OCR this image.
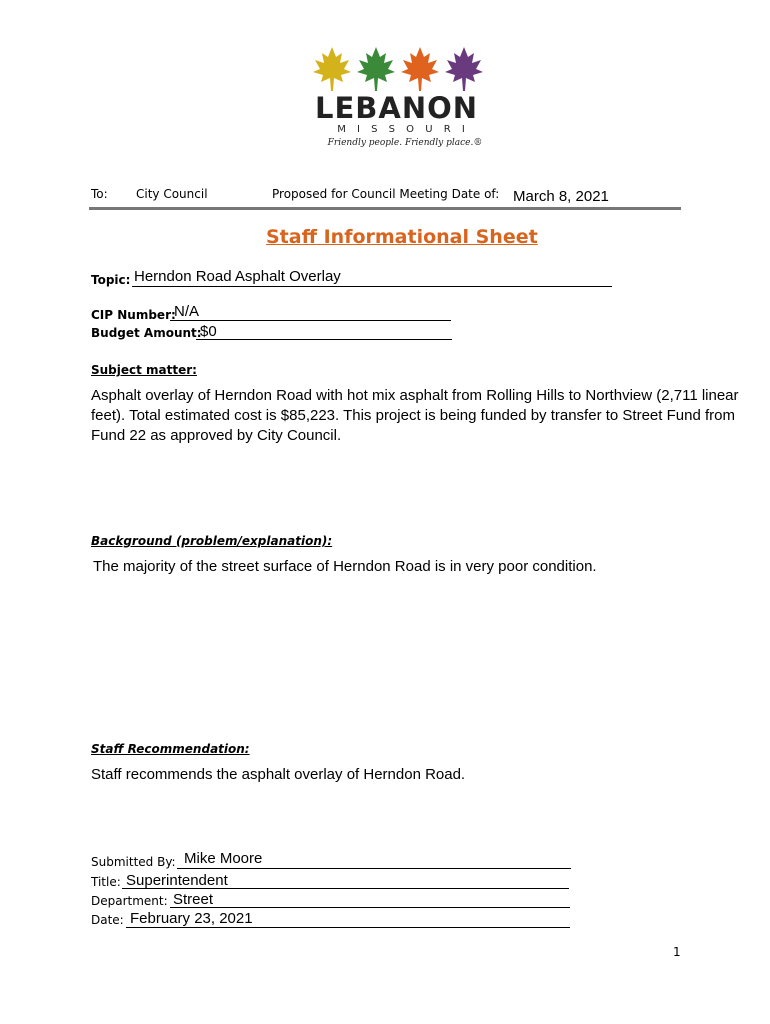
LEBANON
M I S S O U R I
Friendly people. Friendly place.®
To: City Council	Proposed for Council Meeting Date of: March 8, 2021
Staff Informational Sheet
Topic: Herndon Road Asphalt Overlay
CIP Number:
N/A
Budget Amount:
$0
Subject matter:
Asphalt overlay of Herndon Road with hot mix asphalt from Rolling Hills to Northview (2,711 linear feet). Total estimated cost is $85,223. This project is being funded by transfer to Street Fund from Fund 22 as approved by City Council.
Background (problem/explanation):
The majority of the street surface of Herndon Road is in very poor condition.
Staff Recommendation:
Staff recommends the asphalt overlay of Herndon Road.
Submitted By: Mike Moore
Title: Superintendent
Department: Street
Date: February 23, 2021
1
